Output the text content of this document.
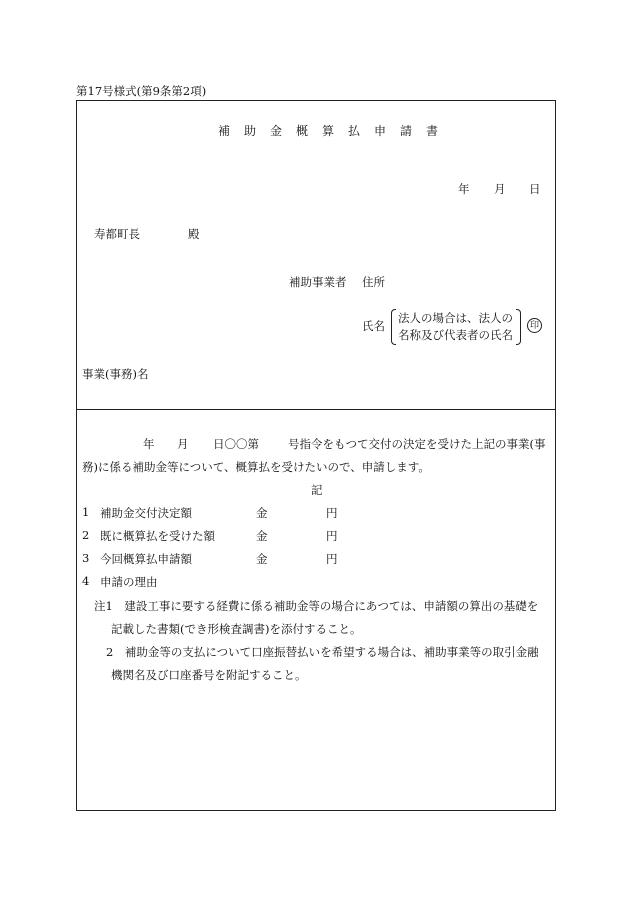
第17号様式(第9条第2項)
補助金概算払申請書
年 月 日
寿都町長	殿
補助事業者 住所
氏名
法人の場合は、法人の
名称及び代表者の氏名
印
事業(事務)名
年 月 日〇〇第	号指令をもつて交付の決定を受けた上記の事業(事
務)に係る補助金等について、概算払を受けたいので、申請します。
記
1 補助金交付決定額	金	円
2 既に概算払を受けた額	金	円
3 今回概算払申請額	金	円
4 申請の理由
注1　建設工事に要する経費に係る補助金等の場合にあつては、申請額の算出の基礎を
記載した書類(でき形検査調書)を添付すること。
2　補助金等の支払について口座振替払いを希望する場合は、補助事業等の取引金融
機関名及び口座番号を附記すること。
